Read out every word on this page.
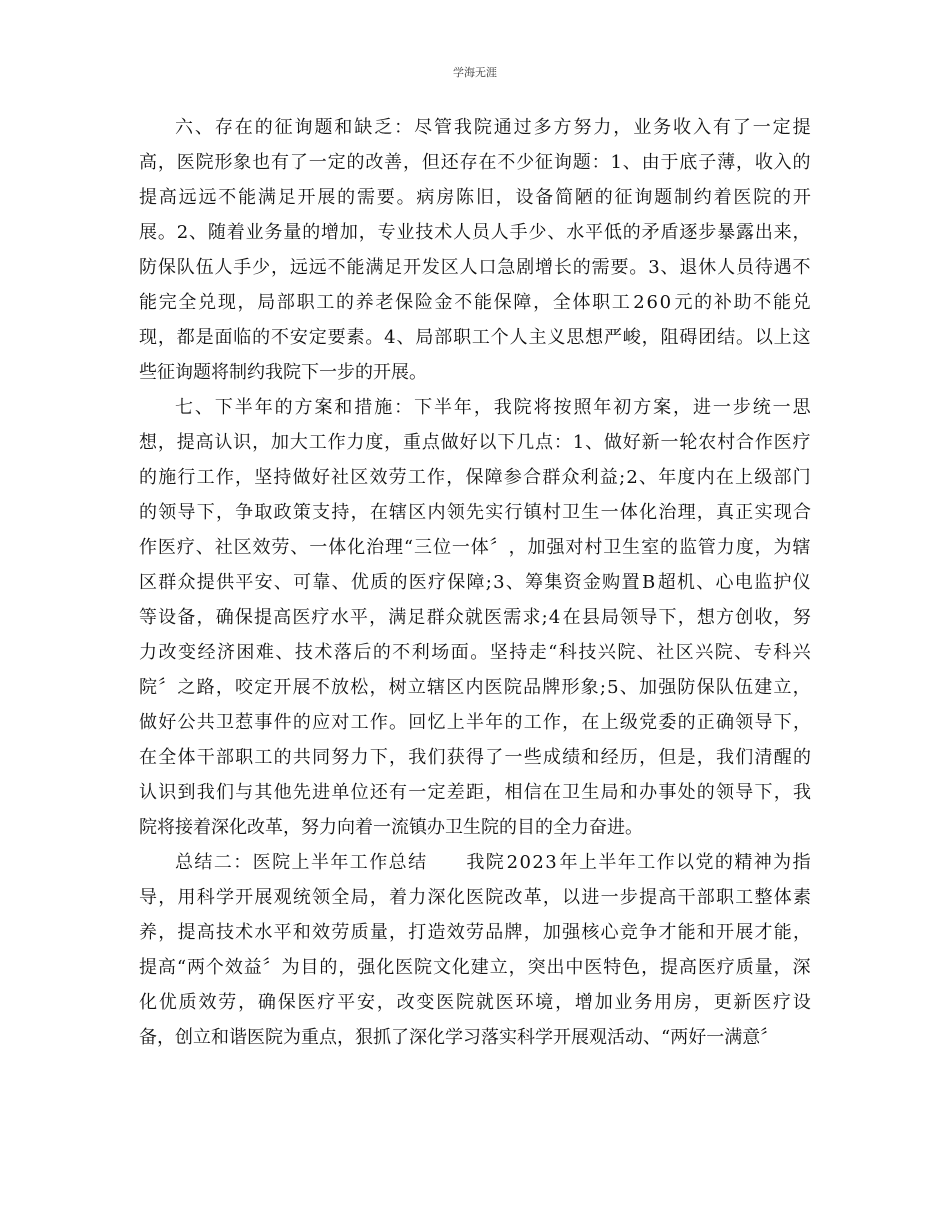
学海无涯
六 、 存 在 的 征 询 题 和 缺 乏 ： 尽 管 我 院 通 过 多 方 努 力 ， 业 务 收 入 有 了 一 定 提
高 ， 医 院 形 象 也 有 了 一 定 的 改 善 ， 但 还 存 在 不 少 征 询 题 ： 1 、 由 于 底 子 薄 ， 收 入 的
提 高 远 远 不 能 满 足 开 展 的 需 要 。 病 房 陈 旧 ， 设 备 简 陋 的 征 询 题 制 约 着 医 院 的 开
展 。 2 、 随 着 业 务 量 的 增 加 ， 专 业 技 术 人 员 人 手 少 、 水 平 低 的 矛 盾 逐 步 暴 露 出 来 ，
防 保 队 伍 人 手 少 ， 远 远 不 能 满 足 开 发 区 人 口 急 剧 增 长 的 需 要 。 3 、 退 休 人 员 待 遇 不
能 完 全 兑 现 ， 局 部 职 工 的 养 老 保 险 金 不 能 保 障 ， 全 体 职 工 2 6 0 元 的 补 助 不 能 兑
现 ， 都 是 面 临 的 不 安 定 要 素 。 4 、 局 部 职 工 个 人 主 义 思 想 严 峻 ， 阻 碍 团 结 。 以 上 这
些征询题将制约我院下一步的开展。
七 、 下 半 年 的 方 案 和 措 施 ： 下 半 年 ， 我 院 将 按 照 年 初 方 案 ， 进 一 步 统 一 思
想 ， 提 高 认 识 ， 加 大 工 作 力 度 ， 重 点 做 好 以 下 几 点 ： 1 、 做 好 新 一 轮 农 村 合 作 医 疗
的 施 行 工 作 ， 坚 持 做 好 社 区 效 劳 工 作 ， 保 障 参 合 群 众 利 益 ; 2 、 年 度 内 在 上 级 部 门
的 领 导 下 ， 争 取 政 策 支 持 ， 在 辖 区 内 领 先 实 行 镇 村 卫 生 一 体 化 治 理 ， 真 正 实 现 合
作 医 疗 、 社 区 效 劳 、 一 体 化 治 理 “ 三 位 一 体 〞 ， 加 强 对 村 卫 生 室 的 监 管 力 度 ， 为 辖
区 群 众 提 供 平 安 、 可 靠 、 优 质 的 医 疗 保 障 ; 3 、 筹 集 资 金 购 置 B 超 机 、 心 电 监 护 仪
等 设 备 ， 确 保 提 高 医 疗 水 平 ， 满 足 群 众 就 医 需 求 ; 4 在 县 局 领 导 下 ， 想 方 创 收 ， 努
力 改 变 经 济 困 难 、 技 术 落 后 的 不 利 场 面 。 坚 持 走 “ 科 技 兴 院 、 社 区 兴 院 、 专 科 兴
院 〞 之 路 ， 咬 定 开 展 不 放 松 ， 树 立 辖 区 内 医 院 品 牌 形 象 ; 5 、 加 强 防 保 队 伍 建 立 ，
做 好 公 共 卫 惹 事 件 的 应 对 工 作 。 回 忆 上 半 年 的 工 作 ， 在 上 级 党 委 的 正 确 领 导 下 ，
在 全 体 干 部 职 工 的 共 同 努 力 下 ， 我 们 获 得 了 一 些 成 绩 和 经 历 ， 但 是 ， 我 们 清 醒 的
认 识 到 我 们 与 其 他 先 进 单 位 还 有 一 定 差 距 ， 相 信 在 卫 生 局 和 办 事 处 的 领 导 下 ， 我
院将接着深化改革，努力向着一流镇办卫生院的目的全力奋进。
总 结 二 ： 医 院 上 半 年 工 作 总 结

　 我 院 2 0 2 3 年 上 半 年 工 作 以 党 的 精 神 为 指
导 ， 用 科 学 开 展 观 统 领 全 局 ， 着 力 深 化 医 院 改 革 ， 以 进 一 步 提 高 干 部 职 工 整 体 素
养 ， 提 高 技 术 水 平 和 效 劳 质 量 ， 打 造 效 劳 品 牌 ， 加 强 核 心 竞 争 才 能 和 开 展 才 能 ，
提 高 “ 两 个 效 益 〞 为 目 的 ， 强 化 医 院 文 化 建 立 ， 突 出 中 医 特 色 ， 提 高 医 疗 质 量 ， 深
化 优 质 效 劳 ， 确 保 医 疗 平 安 ， 改 变 医 院 就 医 环 境 ， 增 加 业 务 用 房 ， 更 新 医 疗 设
备，创立和谐医院为重点，狠抓了深化学习落实科学开展观活动、“两好一满意〞
